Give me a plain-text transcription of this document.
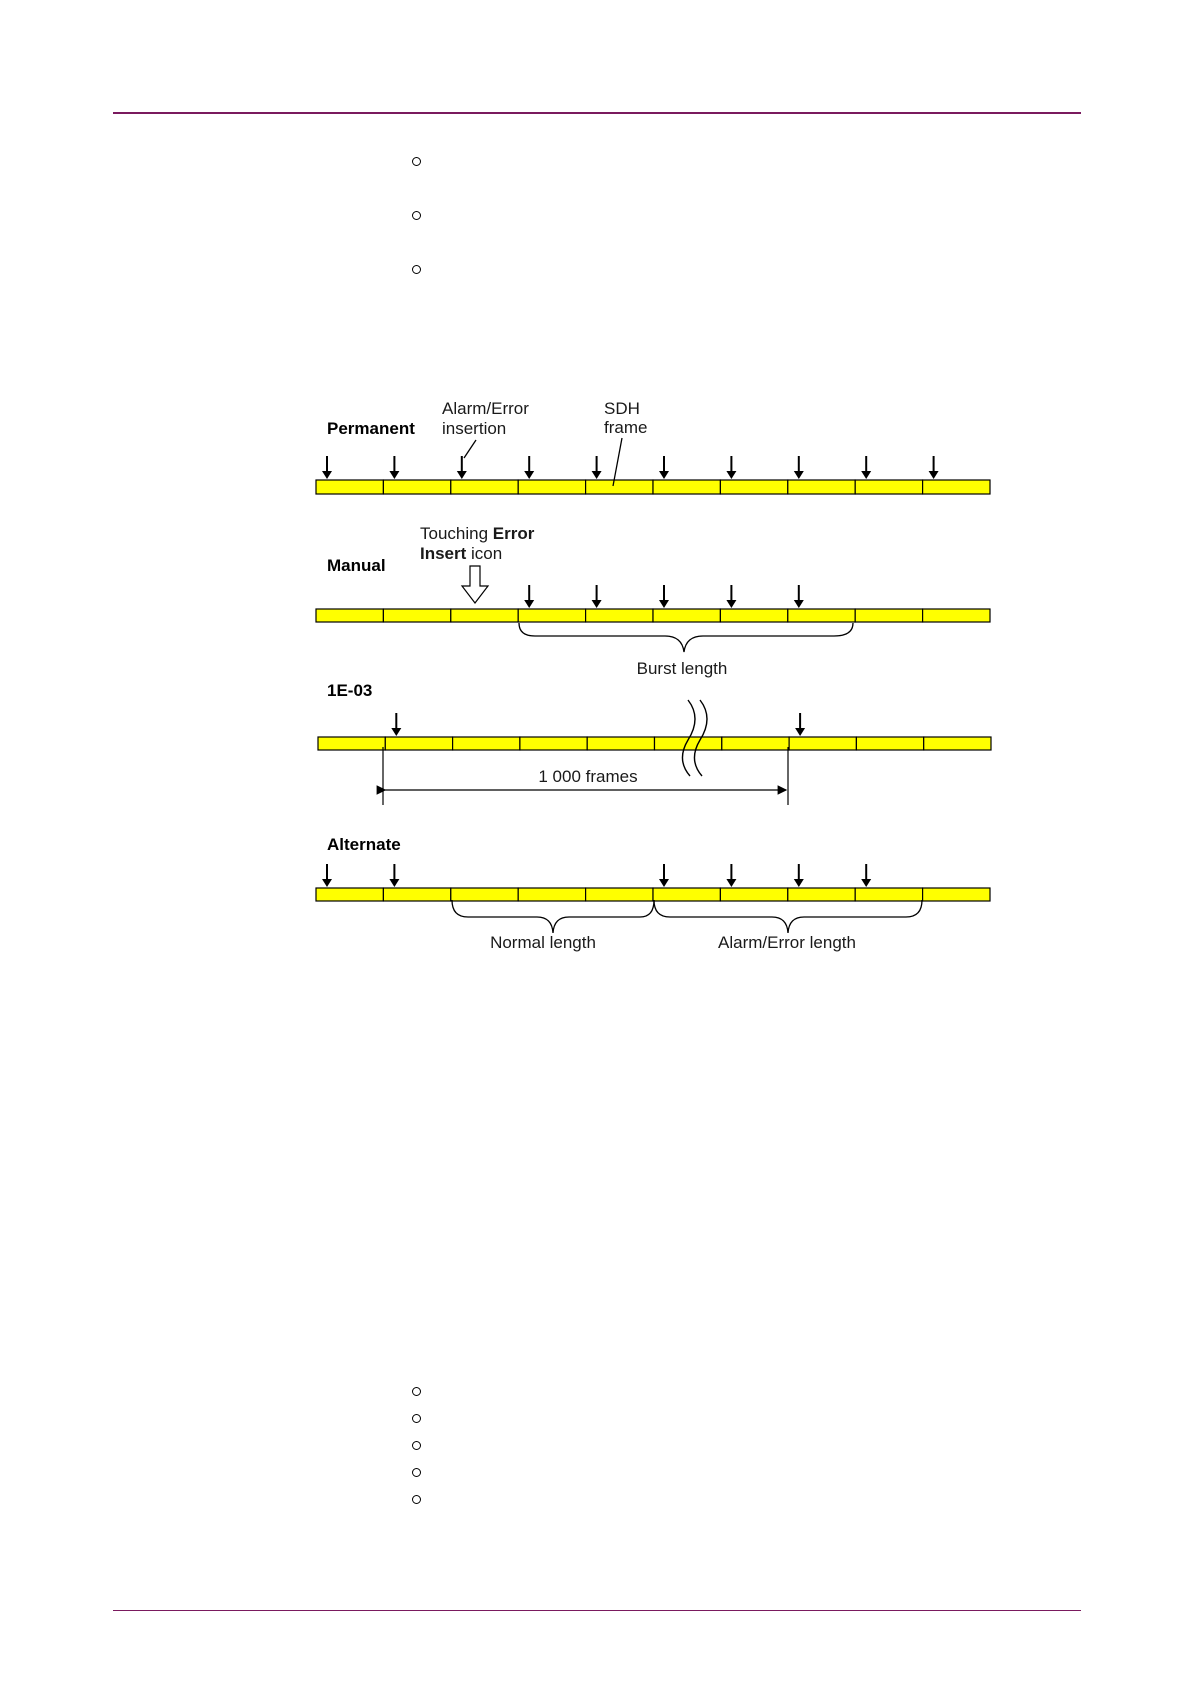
Permanent
Manual
1E-03
Alternate
Alarm/Error
insertion
SDH
frame
Touching Error
Insert icon
Burst length
1 000 frames
Normal length	Alarm/Error length
